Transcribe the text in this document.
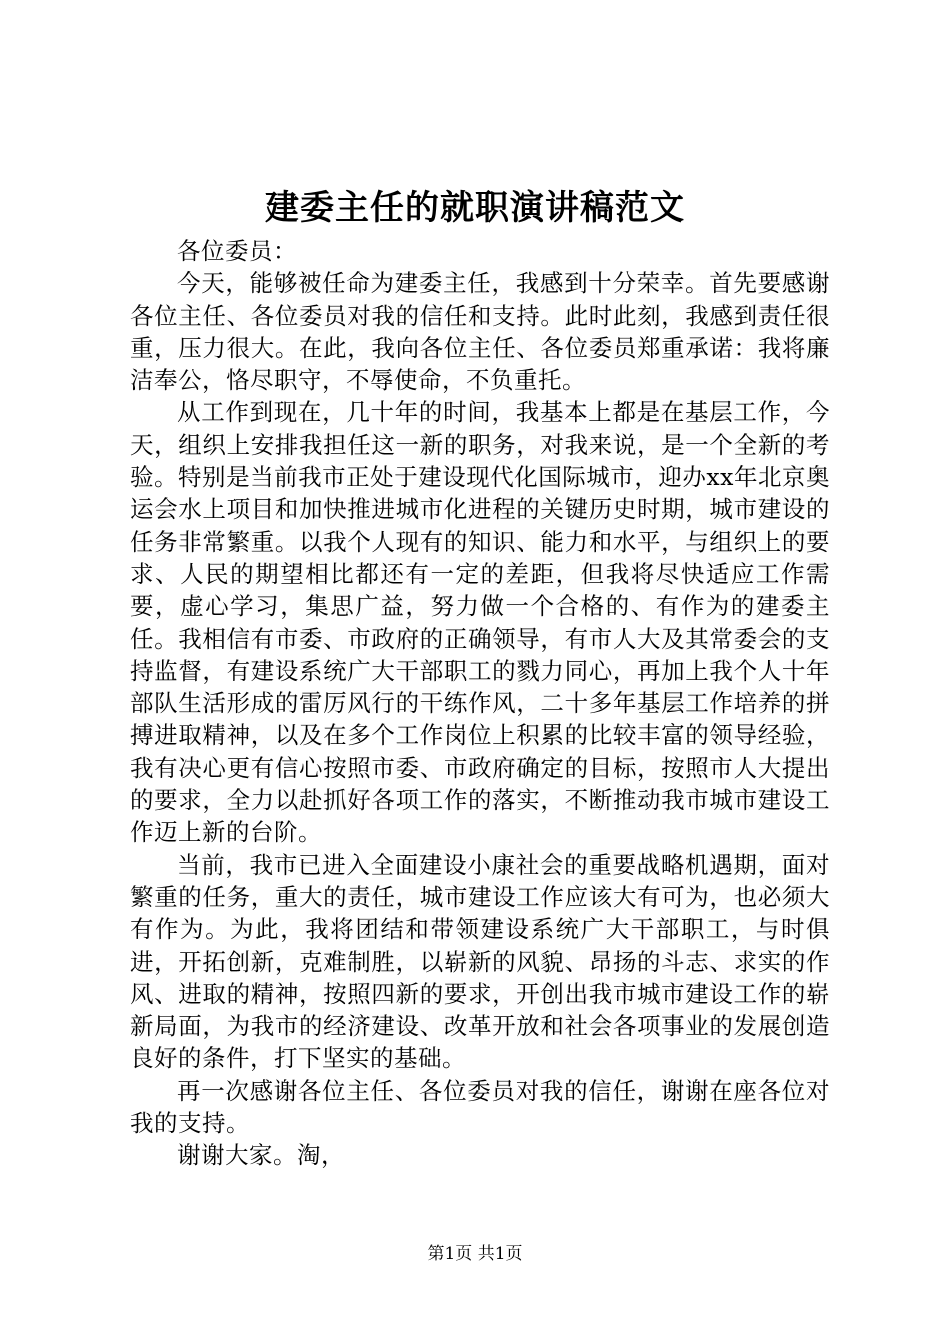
建委主任的就职演讲稿范文

各位委员：

今天，能够被任命为建委主任，我感到十分荣幸。首先要感谢各位主任、各位委员对我的信任和支持。此时此刻，我感到责任很重，压力很大。在此，我向各位主任、各位委员郑重承诺：我将廉洁奉公，恪尽职守，不辱使命，不负重托。

从工作到现在，几十年的时间，我基本上都是在基层工作，今天，组织上安排我担任这一新的职务，对我来说，是一个全新的考验。特别是当前我市正处于建设现代化国际城市，迎办xx年北京奥运会水上项目和加快推进城市化进程的关键历史时期，城市建设的任务非常繁重。以我个人现有的知识、能力和水平，与组织上的要求、人民的期望相比都还有一定的差距，但我将尽快适应工作需要，虚心学习，集思广益，努力做一个合格的、有作为的建委主任。我相信有市委、市政府的正确领导，有市人大及其常委会的支持监督，有建设系统广大干部职工的戮力同心，再加上我个人十年部队生活形成的雷厉风行的干练作风，二十多年基层工作培养的拼搏进取精神，以及在多个工作岗位上积累的比较丰富的领导经验，我有决心更有信心按照市委、市政府确定的目标，按照市人大提出的要求，全力以赴抓好各项工作的落实，不断推动我市城市建设工作迈上新的台阶。

当前，我市已进入全面建设小康社会的重要战略机遇期，面对繁重的任务，重大的责任，城市建设工作应该大有可为，也必须大有作为。为此，我将团结和带领建设系统广大干部职工，与时俱进，开拓创新，克难制胜，以崭新的风貌、昂扬的斗志、求实的作风、进取的精神，按照四新的要求，开创出我市城市建设工作的崭新局面，为我市的经济建设、改革开放和社会各项事业的发展创造良好的条件，打下坚实的基础。

再一次感谢各位主任、各位委员对我的信任，谢谢在座各位对我的支持。

谢谢大家。淘，

第1页 共1页
